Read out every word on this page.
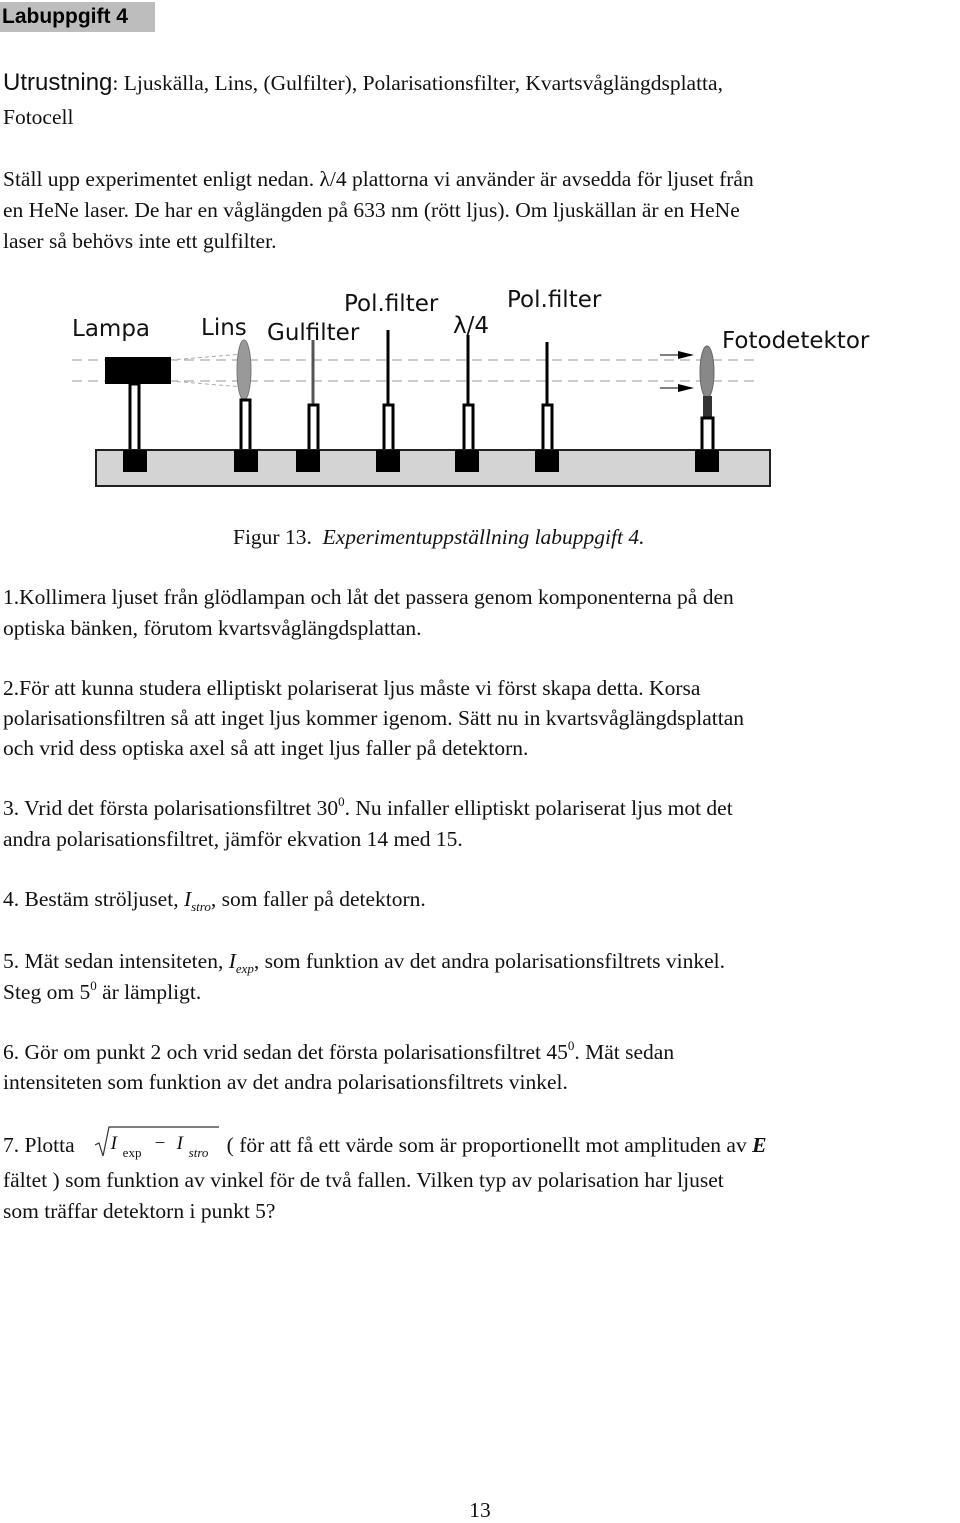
Labuppgift 4
Utrustning: Ljuskälla, Lins, (Gulfilter), Polarisationsfilter, Kvartsvåglängdsplatta,
Fotocell
Ställ upp experimentet enligt nedan. λ/4 plattorna vi använder är avsedda för ljuset från
en HeNe laser. De har en våglängden på 633 nm (rött ljus). Om ljuskällan är en HeNe
laser så behövs inte ett gulfilter.
Lampa Lins Gulfilter
Pol.filter
λ/4
Pol.filter
Fotodetektor
Figur 13.  Experimentuppställning labuppgift 4.
1.Kollimera ljuset från glödlampan och låt det passera genom komponenterna på den
optiska bänken, förutom kvartsvåglängdsplattan.
2.För att kunna studera elliptiskt polariserat ljus måste vi först skapa detta. Korsa
polarisationsfiltren så att inget ljus kommer igenom. Sätt nu in kvartsvåglängdsplattan
och vrid dess optiska axel så att inget ljus faller på detektorn.
3. Vrid det första polarisationsfiltret $30^0$. Nu infaller elliptiskt polariserat ljus mot det
andra polarisationsfiltret, jämför ekvation 14 med 15.
4. Bestäm ströljuset, $I_{stro}$, som faller på detektorn.
5. Mät sedan intensiteten, $I_{exp}$, som funktion av det andra polarisationsfiltrets vinkel.
Steg om $5^0$ är lämpligt.
6. Gör om punkt 2 och vrid sedan det första polarisationsfiltret $45^0$. Mät sedan
intensiteten som funktion av det andra polarisationsfiltrets vinkel.
7. Plotta I exp − I stro ( för att få ett värde som är proportionellt mot amplituden av E
fältet ) som funktion av vinkel för de två fallen. Vilken typ av polarisation har ljuset
som träffar detektorn i punkt 5?
13
